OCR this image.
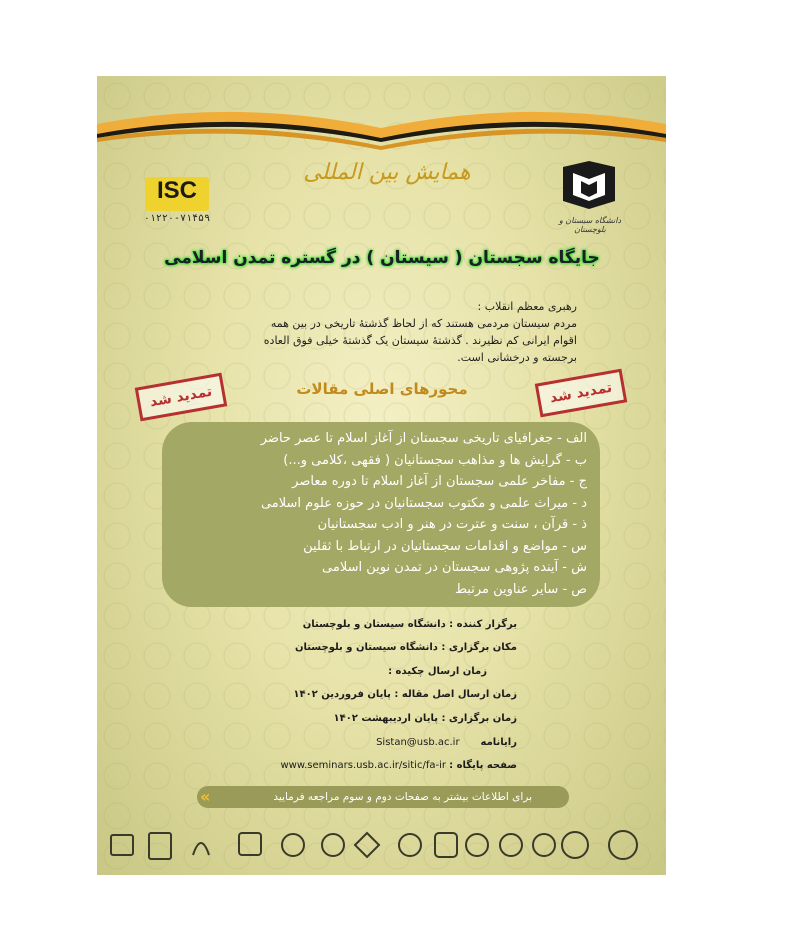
دانشگاه سیستان و بلوچستان
ISC
۰۱۲۲۰-۷۱۴۵۹
همایش بین المللی
جایگاه سجستان ( سیستان ) در گستره تمدن اسلامی
رهبری معظم انقلاب :
مردم سیستان مردمی هستند که از لحاظ گذشتهٔ تاریخی در بین همه
اقوام ایرانی کم نظیرند . گذشتهٔ سیستان یک گذشتهٔ خیلی فوق العاده
برجسته و درخشانی است.
محورهای اصلی مقالات
تمدید شد	تمدید شد
الف - جغرافیای تاریخی سجستان از آغاز اسلام تا عصر حاضر
ب - گرایش ها و مذاهب سجستانیان ( فقهی ،کلامی و...)
ج - مفاخر علمی سجستان از آغاز اسلام تا دوره معاصر
د - میراث علمی و مکتوب سجستانیان در حوزه علوم اسلامی
ذ - قرآن ، سنت و عترت در هنر و ادب سجستانیان
س - مواضع و اقدامات سجستانیان در ارتباط با ثقلین
ش - آینده پژوهی سجستان در تمدن نوین اسلامی
ص - سایر عناوین مرتبط
برگزار کننده : دانشگاه سیستان و بلوچستان
مکان برگزاری : دانشگاه سیستان و بلوچستان
زمان ارسال چکیده :
زمان ارسال اصل مقاله : پایان فروردین ۱۴۰۲
زمان برگزاری : پایان اردیبهشت ۱۴۰۲
رایانامه  Sistan@usb.ac.ir
صفحه پایگاه : www.seminars.usb.ac.ir/sitic/fa-ir
«	برای اطلاعات بیشتر به صفحات دوم و سوم مراجعه فرمایید
